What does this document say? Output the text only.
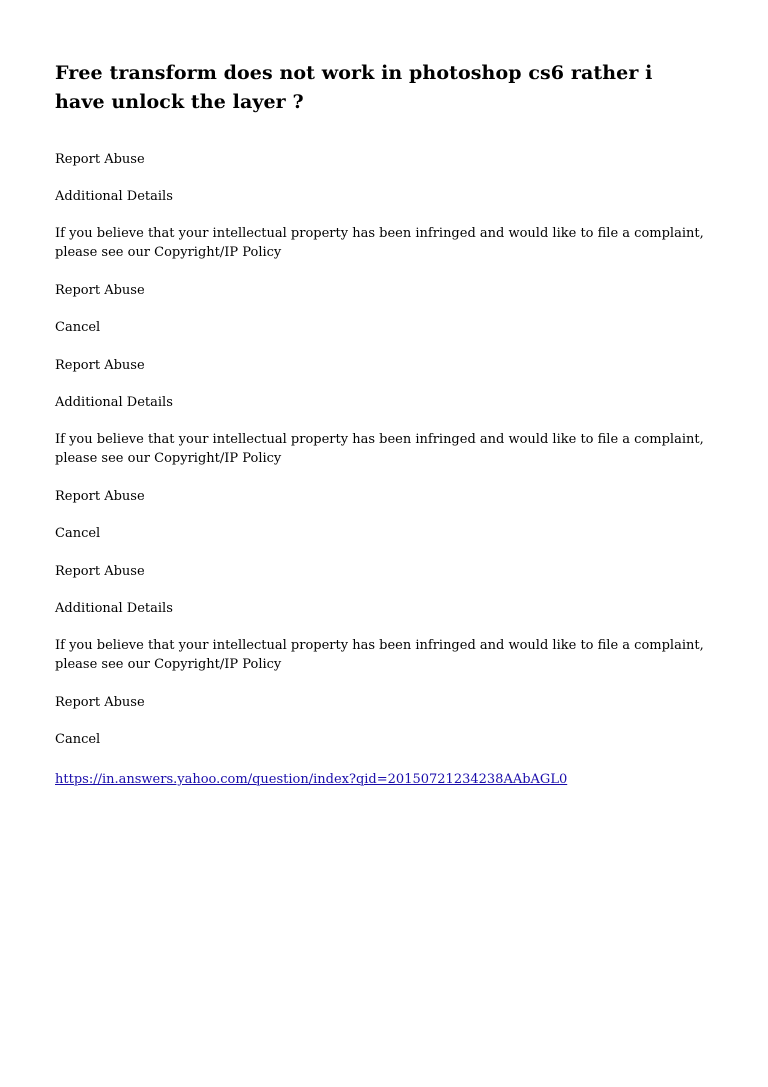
Free transform does not work in photoshop cs6 rather i have unlock the layer ?
Report Abuse
Additional Details
If you believe that your intellectual property has been infringed and would like to file a complaint, please see our Copyright/IP Policy
Report Abuse
Cancel
Report Abuse
Additional Details
If you believe that your intellectual property has been infringed and would like to file a complaint, please see our Copyright/IP Policy
Report Abuse
Cancel
Report Abuse
Additional Details
If you believe that your intellectual property has been infringed and would like to file a complaint, please see our Copyright/IP Policy
Report Abuse
Cancel
https://in.answers.yahoo.com/question/index?qid=20150721234238AAbAGL0
